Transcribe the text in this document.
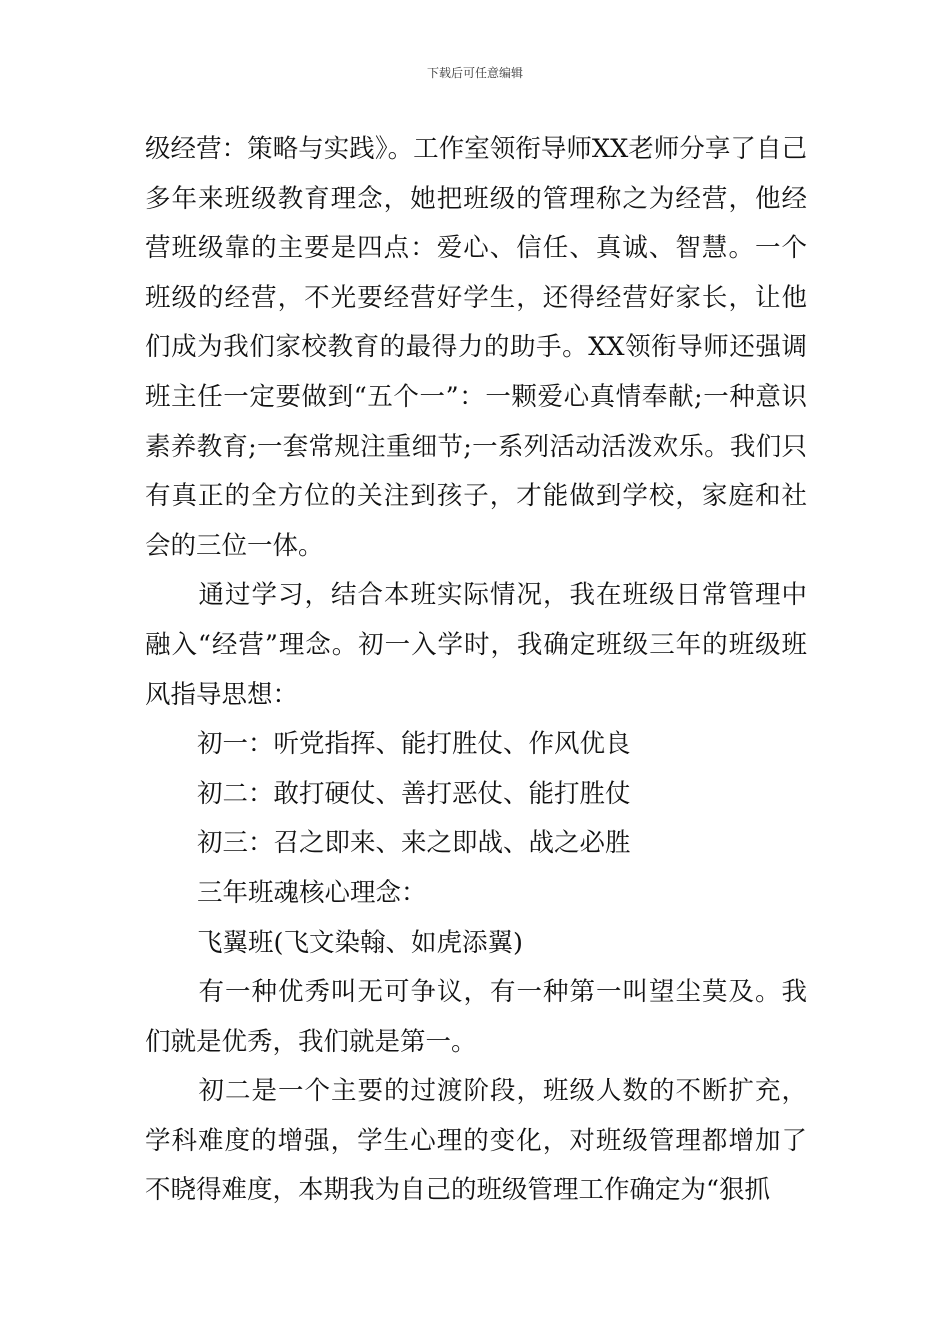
下载后可任意编辑

级经营：策略与实践》。工作室领衔导师XX老师分享了自己多年来班级教育理念，她把班级的管理称之为经营，他经营班级靠的主要是四点：爱心、信任、真诚、智慧。一个班级的经营，不光要经营好学生，还得经营好家长，让他们成为我们家校教育的最得力的助手。XX领衔导师还强调班主任一定要做到“五个一”：一颗爱心真情奉献;一种意识素养教育;一套常规注重细节;一系列活动活泼欢乐。我们只有真正的全方位的关注到孩子，才能做到学校，家庭和社会的三位一体。

通过学习，结合本班实际情况，我在班级日常管理中融入“经营”理念。初一入学时，我确定班级三年的班级班风指导思想：

初一：听党指挥、能打胜仗、作风优良

初二：敢打硬仗、善打恶仗、能打胜仗

初三：召之即来、来之即战、战之必胜

三年班魂核心理念：

飞翼班(飞文染翰、如虎添翼)

有一种优秀叫无可争议，有一种第一叫望尘莫及。我们就是优秀，我们就是第一。

初二是一个主要的过渡阶段，班级人数的不断扩充，学科难度的增强，学生心理的变化，对班级管理都增加了不晓得难度，本期我为自己的班级管理工作确定为“狠抓
